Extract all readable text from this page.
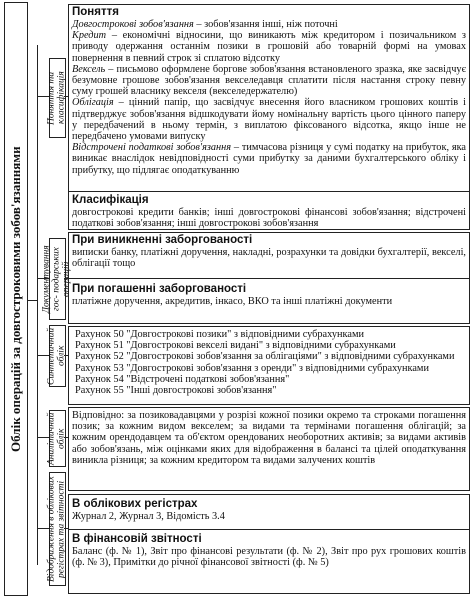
Облік операцій за довгостроковими зобов'язаннями
Поняття та класифікація
Документування гос- подарських операцій
Синтетичний облік
Аналітичний облік
Відображення в облікових регістрах та звітності
Поняття
Довгострокові зобов'язання – зобов'язання інші, ніж поточні
Кредит – економічні відносини, що виникають між кредитором і позичальником з приводу одержання останнім позики в грошовій або товарній формі на умовах повернення в певний строк зі сплатою відсотку
Вексель – письмово оформлене боргове зобов'язання встановленого зразка, яке засвідчує безумовне грошове зобов'язання векселедавця сплатити після настання строку певну суму грошей власнику векселя (векселедержателю)
Облігація – цінний папір, що засвідчує внесення його власником грошових коштів і підтверджує зобов'язання відшкодувати йому номінальну вартість цього цінного паперу у передбачений в ньому термін, з виплатою фіксованого відсотка, якщо інше не передбачено умовами випуску
Відстрочені податкові зобов'язання – тимчасова різниця у сумі податку на прибуток, яка виникає внаслідок невідповідності суми прибутку за даними бухгалтерського обліку і прибутку, що підлягає оподаткуванню
Класифікація
довгострокові кредити банків; інші довгострокові фінансові зобов'язання; відстрочені податкові зобов'язання; інші довгострокові зобов'язання
При виникненні заборгованості
виписки банку, платіжні доручення, накладні, розрахунки та довідки бухгалтерії, векселі, облігації тощо
При погашенні заборгованості
платіжне доручення, акредитив, інкасо, ВКО та інші платіжні документи
Рахунок 50 "Довгострокові позики" з відповідними субрахунками
Рахунок 51 "Довгострокові векселі видані" з відповідними субрахунками
Рахунок 52 "Довгострокові зобов'язання за облігаціями" з відповідними субрахунками
Рахунок 53 "Довгострокові зобов'язання з оренди" з відповідними субрахунками
Рахунок 54 "Відстрочені податкові зобов'язання"
Рахунок 55 "Інші довгострокові зобов'язання"
Відповідно: за позиковадавцями у розрізі кожної позики окремо та строками погашення позик; за кожним видом векселем; за видами та термінами погашення облігацій; за кожним орендодавцем та об'єктом орендованих необоротних активів; за видами активів або зобов'язань, між оцінками яких для відображення в балансі та цілей оподаткування виникла різниця; за кожним кредитором та видами залучених коштів
В облікових регістрах
Журнал 2, Журнал 3, Відомість 3.4
В фінансовій звітності
Баланс (ф. № 1), Звіт про фінансові результати (ф. № 2), Звіт про рух грошових коштів (ф. № 3), Примітки до річної фінансової звітності (ф. № 5)
